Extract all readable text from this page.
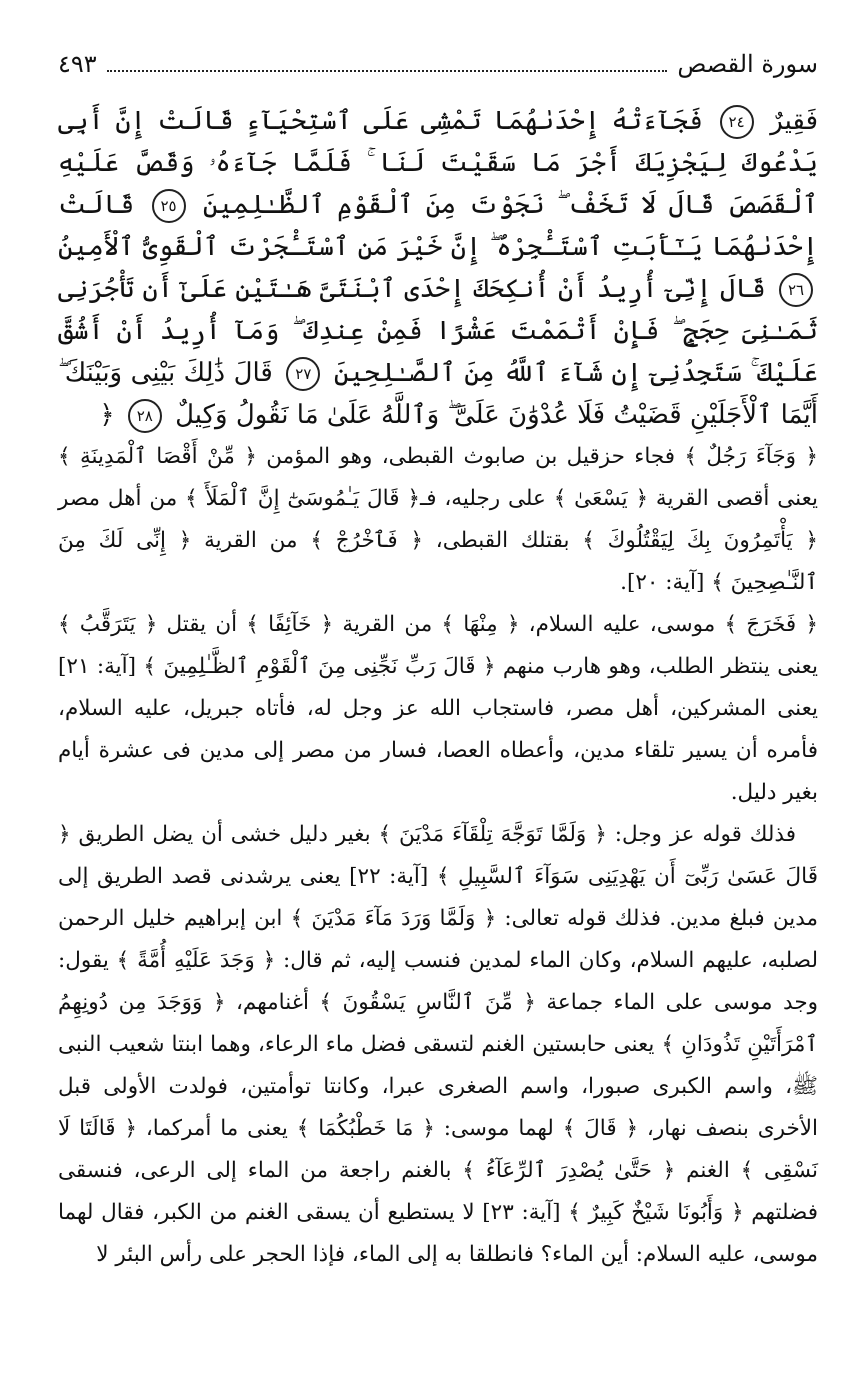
سورة القصص
٤٩٣
فَقِيرٌ ٢٤ فَجَآءَتْهُ إِحْدَىٰهُمَا تَمْشِى عَلَى ٱسْتِحْيَآءٍ قَالَتْ إِنَّ أَبِى يَدْعُوكَ لِيَجْزِيَكَ أَجْرَ مَا سَقَيْتَ لَنَا ۚ فَلَمَّا جَآءَهُۥ وَقَصَّ عَلَيْهِ ٱلْقَصَصَ قَالَ لَا تَخَفْ ۖ نَجَوْتَ مِنَ ٱلْقَوْمِ ٱلظَّـٰلِمِينَ ٢٥ قَالَتْ إِحْدَىٰهُمَا يَـٰٓأَبَتِ ٱسْتَـْٔجِرْهُ ۖ إِنَّ خَيْرَ مَنِ ٱسْتَـْٔجَرْتَ ٱلْقَوِىُّ ٱلْأَمِينُ ٢٦ قَالَ إِنِّىٓ أُرِيدُ أَنْ أُنكِحَكَ إِحْدَى ٱبْنَتَىَّ هَـٰتَيْنِ عَلَىٰٓ أَن تَأْجُرَنِى ثَمَـٰنِىَ حِجَجٍ ۖ فَإِنْ أَتْمَمْتَ عَشْرًا فَمِنْ عِندِكَ ۖ وَمَآ أُرِيدُ أَنْ أَشُقَّ عَلَيْكَ ۚ سَتَجِدُنِىٓ إِن شَآءَ ٱللَّهُ مِنَ ٱلصَّـٰلِحِينَ ٢٧ قَالَ ذَٰلِكَ بَيْنِى وَبَيْنَكَ ۖ أَيَّمَا ٱلْأَجَلَيْنِ قَضَيْتُ فَلَا عُدْوَٰنَ عَلَىَّ ۖ وَٱللَّهُ عَلَىٰ مَا نَقُولُ وَكِيلٌ ٢٨ ﴿

﴿ وَجَآءَ رَجُلٌ ﴾ فجاء حزقيل بن صابوث القبطى، وهو المؤمن ﴿ مِّنْ أَقْصَا ٱلْمَدِينَةِ ﴾ يعنى أقصى القرية ﴿ يَسْعَىٰ ﴾ على رجليه، فـ﴿ قَالَ يَـٰمُوسَىٰٓ إِنَّ ٱلْمَلَأَ ﴾ من أهل مصر ﴿ يَأْتَمِرُونَ بِكَ لِيَقْتُلُوكَ ﴾ بقتلك القبطى، ﴿ فَٱخْرُجْ ﴾ من القرية ﴿ إِنِّى لَكَ مِنَ ٱلنَّـٰصِحِينَ ﴾ [آية: ٢٠].

﴿ فَخَرَجَ ﴾ موسى، عليه السلام، ﴿ مِنْهَا ﴾ من القرية ﴿ خَآئِفًا ﴾ أن يقتل ﴿ يَتَرَقَّبُ ﴾ يعنى ينتظر الطلب، وهو هارب منهم ﴿ قَالَ رَبِّ نَجِّنِى مِنَ ٱلْقَوْمِ ٱلظَّـٰلِمِينَ ﴾ [آية: ٢١] يعنى المشركين، أهل مصر، فاستجاب الله عز وجل له، فأتاه جبريل، عليه السلام، فأمره أن يسير تلقاء مدين، وأعطاه العصا، فسار من مصر إلى مدين فى عشرة أيام بغير دليل.

فذلك قوله عز وجل: ﴿ وَلَمَّا تَوَجَّهَ تِلْقَآءَ مَدْيَنَ ﴾ بغير دليل خشى أن يضل الطريق ﴿ قَالَ عَسَىٰ رَبِّىٓ أَن يَهْدِيَنِى سَوَآءَ ٱلسَّبِيلِ ﴾ [آية: ٢٢] يعنى يرشدنى قصد الطريق إلى مدين فبلغ مدين. فذلك قوله تعالى: ﴿ وَلَمَّا وَرَدَ مَآءَ مَدْيَنَ ﴾ ابن إبراهيم خليل الرحمن لصلبه، عليهم السلام، وكان الماء لمدين فنسب إليه، ثم قال: ﴿ وَجَدَ عَلَيْهِ أُمَّةً ﴾ يقول: وجد موسى على الماء جماعة ﴿ مِّنَ ٱلنَّاسِ يَسْقُونَ ﴾ أغنامهم، ﴿ وَوَجَدَ مِن دُونِهِمُ ٱمْرَأَتَيْنِ تَذُودَانِ ﴾ يعنى حابستين الغنم لتسقى فضل ماء الرعاء، وهما ابنتا شعيب النبى ﷺ، واسم الكبرى صبورا، واسم الصغرى عبرا، وكانتا توأمتين، فولدت الأولى قبل الأخرى بنصف نهار، ﴿ قَالَ ﴾ لهما موسى: ﴿ مَا خَطْبُكُمَا ﴾ يعنى ما أمركما، ﴿ قَالَتَا لَا نَسْقِى ﴾ الغنم ﴿ حَتَّىٰ يُصْدِرَ ٱلرِّعَآءُ ﴾ بالغنم راجعة من الماء إلى الرعى، فنسقى فضلتهم ﴿ وَأَبُونَا شَيْخٌ كَبِيرٌ ﴾ [آية: ٢٣] لا يستطيع أن يسقى الغنم من الكبر، فقال لهما موسى، عليه السلام: أين الماء؟ فانطلقا به إلى الماء، فإذا الحجر على رأس البئر لا
